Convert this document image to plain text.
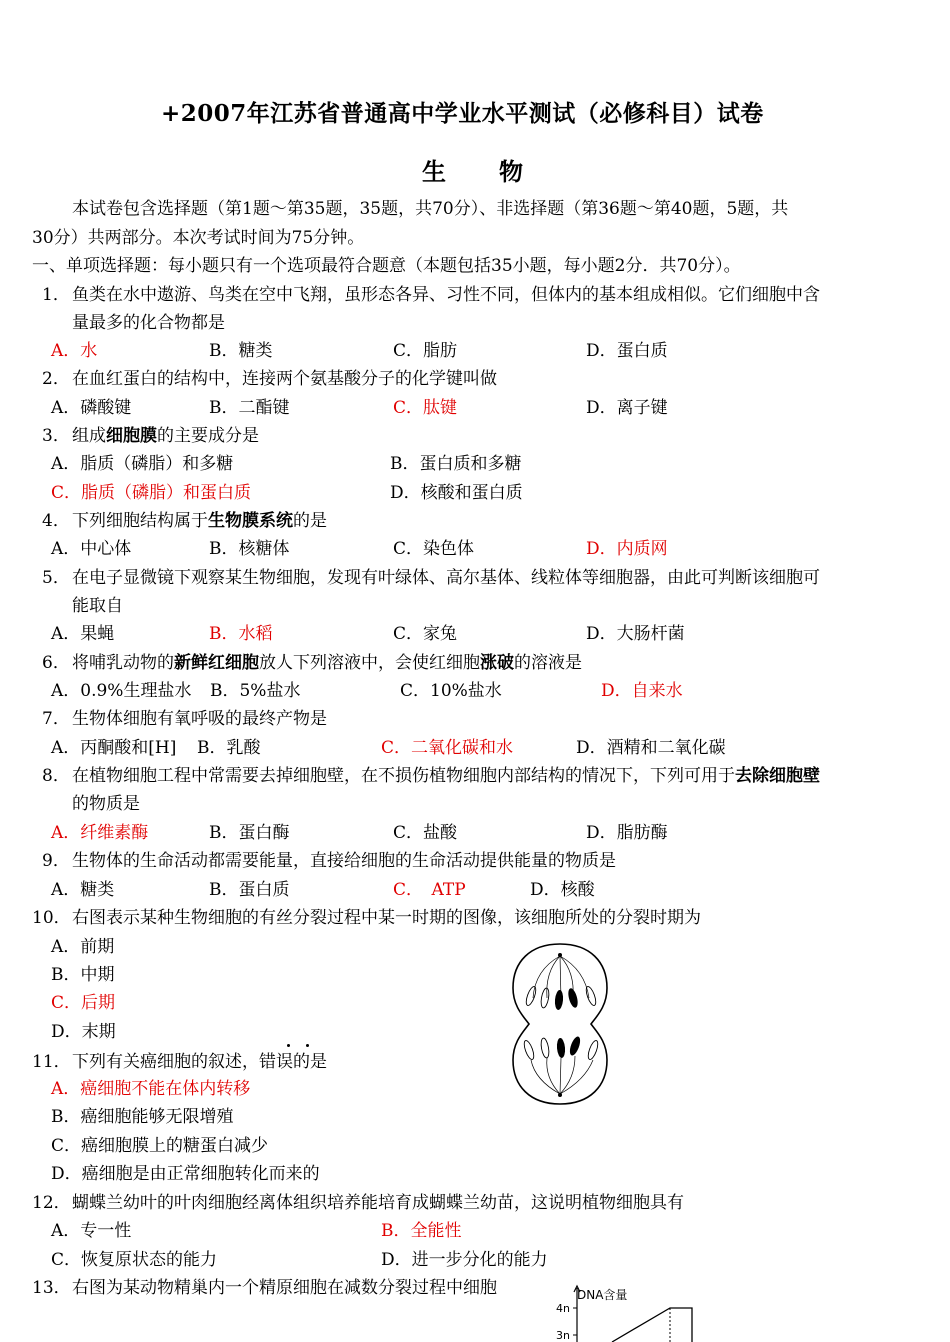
+2007年江苏省普通高中学业水平测试（必修科目）试卷
生 物
本试卷包含选择题（第1题～第35题，35题，共70分）、非选择题（第36题～第40题，5题，共
30分）共两部分。本次考试时间为75分钟。
一、单项选择题：每小题只有一个选项最符合题意（本题包括35小题，每小题2分．共70分）。
1． 鱼类在水中遨游、鸟类在空中飞翔，虽形态各异、习性不同，但体内的基本组成相似。它们细胞中含
量最多的化合物都是
A．水	B．糖类	C．脂肪	D．蛋白质
2． 在血红蛋白的结构中，连接两个氨基酸分子的化学键叫做
A．磷酸键	B．二酯键	C．肽键	D．离子键
3． 组成细胞膜的主要成分是
A．脂质（磷脂）和多糖	B．蛋白质和多糖
C．脂质（磷脂）和蛋白质	D．核酸和蛋白质
4． 下列细胞结构属于生物膜系统的是
A．中心体	B．核糖体	C．染色体	D．内质网
5． 在电子显微镜下观察某生物细胞，发现有叶绿体、高尔基体、线粒体等细胞器，由此可判断该细胞可
能取自
A．果蝇	B．水稻	C．家兔	D．大肠杆菌
6． 将哺乳动物的新鲜红细胞放人下列溶液中，会使红细胞涨破的溶液是
A．0.9%生理盐水 B．5%盐水	C．10%盐水	D．自来水
7． 生物体细胞有氧呼吸的最终产物是
A．丙酮酸和[H] B．乳酸	C．二氧化碳和水	D．酒精和二氧化碳
8． 在植物细胞工程中常需要去掉细胞壁，在不损伤植物细胞内部结构的情况下，下列可用于去除细胞壁
的物质是
A．纤维素酶	B．蛋白酶	C．盐酸	D．脂肪酶
9． 生物体的生命活动都需要能量，直接给细胞的生命活动提供能量的物质是
A．糖类	B．蛋白质	C．　ATP	D．核酸
10． 右图表示某种生物细胞的有丝分裂过程中某一时期的图像，该细胞所处的分裂时期为
A．前期
B．中期
C．后期
D．末期
11． 下列有关癌细胞的叙述，错误的是
A．癌细胞不能在体内转移
B．癌细胞能够无限增殖
C．癌细胞膜上的糖蛋白减少
D．癌细胞是由正常细胞转化而来的
12． 蝴蝶兰幼叶的叶肉细胞经离体组织培养能培育成蝴蝶兰幼苗，这说明植物细胞具有
A．专一性	B．全能性
C．恢复原状态的能力	D．进一步分化的能力
13． 右图为某动物精巢内一个精原细胞在减数分裂过程中细胞	DNA含量
4n
3n
